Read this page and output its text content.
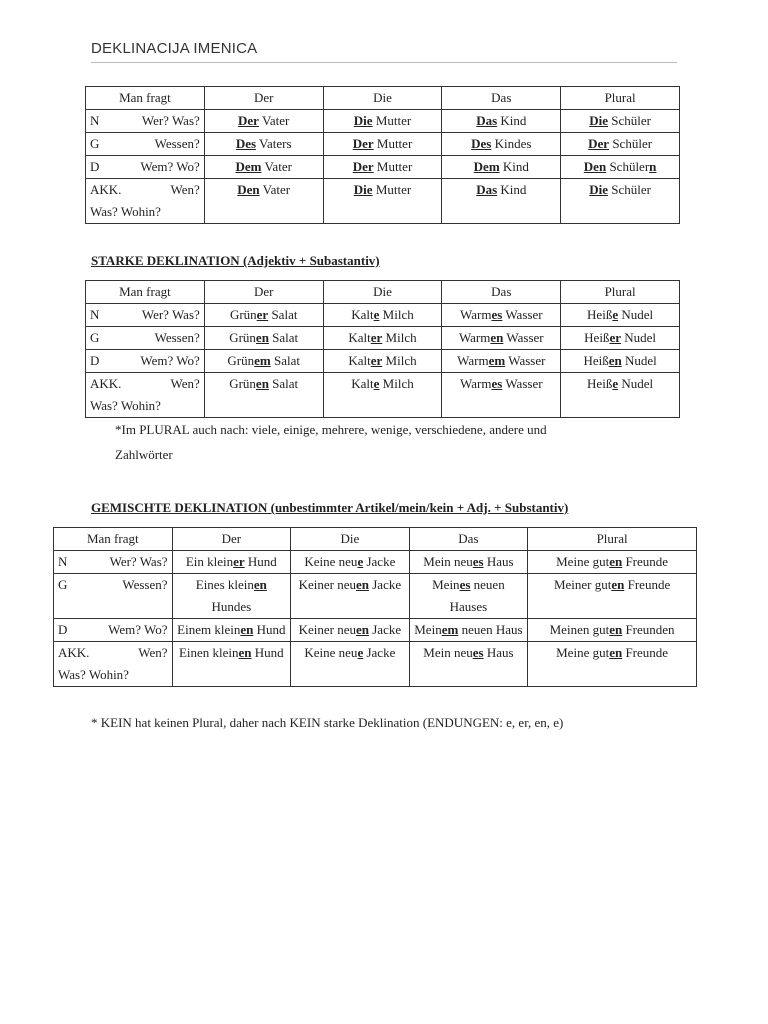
DEKLINACIJA IMENICA
Man fragt	Der	Die	Das	Plural

N Wer? Was?	Der Vater	Die Mutter	Das Kind	Die Schüler

G Wessen?	Des Vaters	Der Mutter	Des Kindes	Der Schüler

D Wem? Wo?	Dem Vater	Der Mutter	Dem Kind	Den Schülern

AKK. Wen?
Was? Wohin?	Den Vater	Die Mutter	Das Kind	Die Schüler
STARKE DEKLINATION (Adjektiv + Subastantiv)
Man fragt	Der	Die	Das	Plural

N Wer? Was?	Grüner Salat	Kalte Milch	Warmes Wasser	Heiße Nudel

G Wessen?	Grünen Salat	Kalter Milch	Warmen Wasser	Heißer Nudel

D Wem? Wo?	Grünem Salat	Kalter Milch	Warmem Wasser	Heißen Nudel

AKK. Wen?
Was? Wohin?	Grünen Salat	Kalte Milch	Warmes Wasser	Heiße Nudel
*Im PLURAL auch nach: viele, einige, mehrere, wenige, verschiedene, andere und
Zahlwörter
GEMISCHTE DEKLINATION (unbestimmter Artikel/mein/kein + Adj. + Substantiv)
Man fragt	Der	Die	Das	Plural

N Wer? Was?	Ein kleiner Hund	Keine neue Jacke	Mein neues Haus	Meine guten Freunde

G Wessen?	Eines kleinen Hundes	Keiner neuen Jacke	Meines neuen Hauses	Meiner guten Freunde

D Wem? Wo?	Einem kleinen Hund	Keiner neuen Jacke	Meinem neuen Haus	Meinen guten Freunden

AKK. Wen?
Was? Wohin?	Einen kleinen Hund	Keine neue Jacke	Mein neues Haus	Meine guten Freunde
* KEIN hat keinen Plural, daher nach KEIN starke Deklination (ENDUNGEN: e, er, en, e)
